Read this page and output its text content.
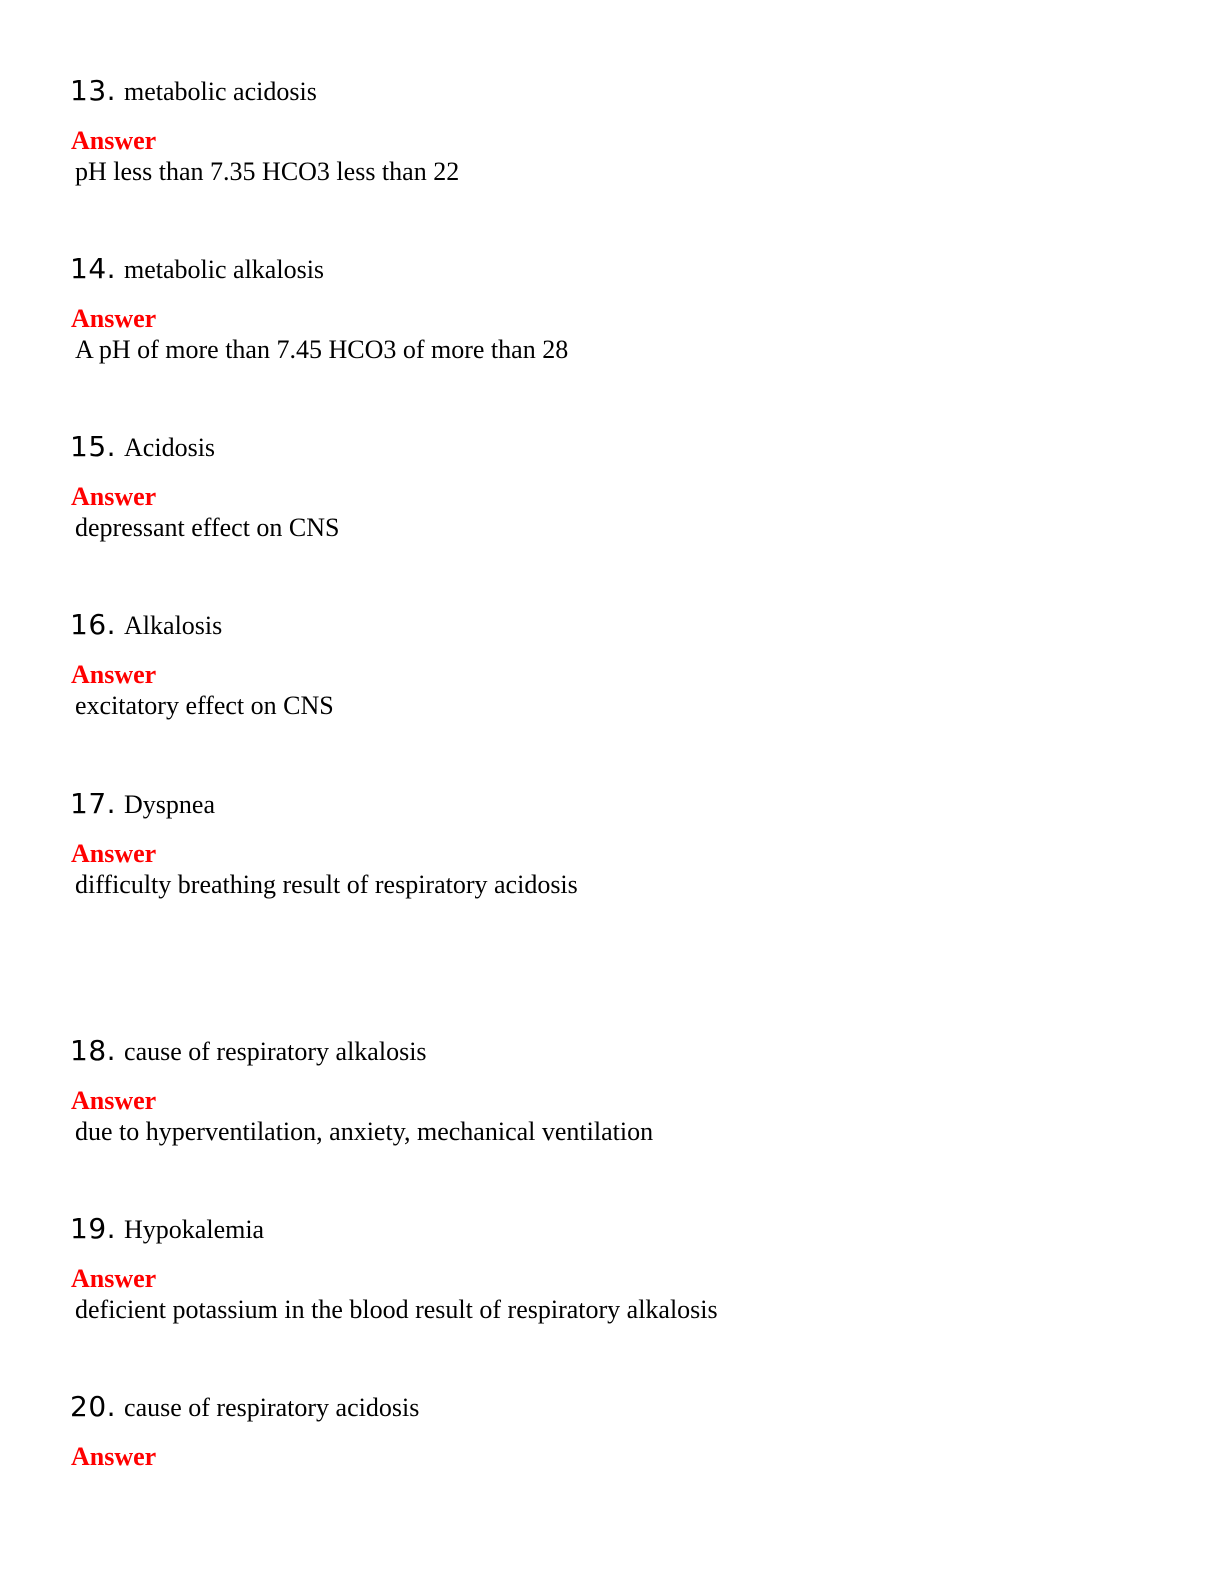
13. metabolic acidosis
Answer
pH less than 7.35 HCO3 less than 22
14. metabolic alkalosis
Answer
A pH of more than 7.45 HCO3 of more than 28
15. Acidosis
Answer
depressant effect on CNS
16. Alkalosis
Answer
excitatory effect on CNS
17. Dyspnea
Answer
difficulty breathing result of respiratory acidosis
18. cause of respiratory alkalosis
Answer
due to hyperventilation, anxiety, mechanical ventilation
19. Hypokalemia
Answer
deficient potassium in the blood result of respiratory alkalosis
20. cause of respiratory acidosis
Answer
